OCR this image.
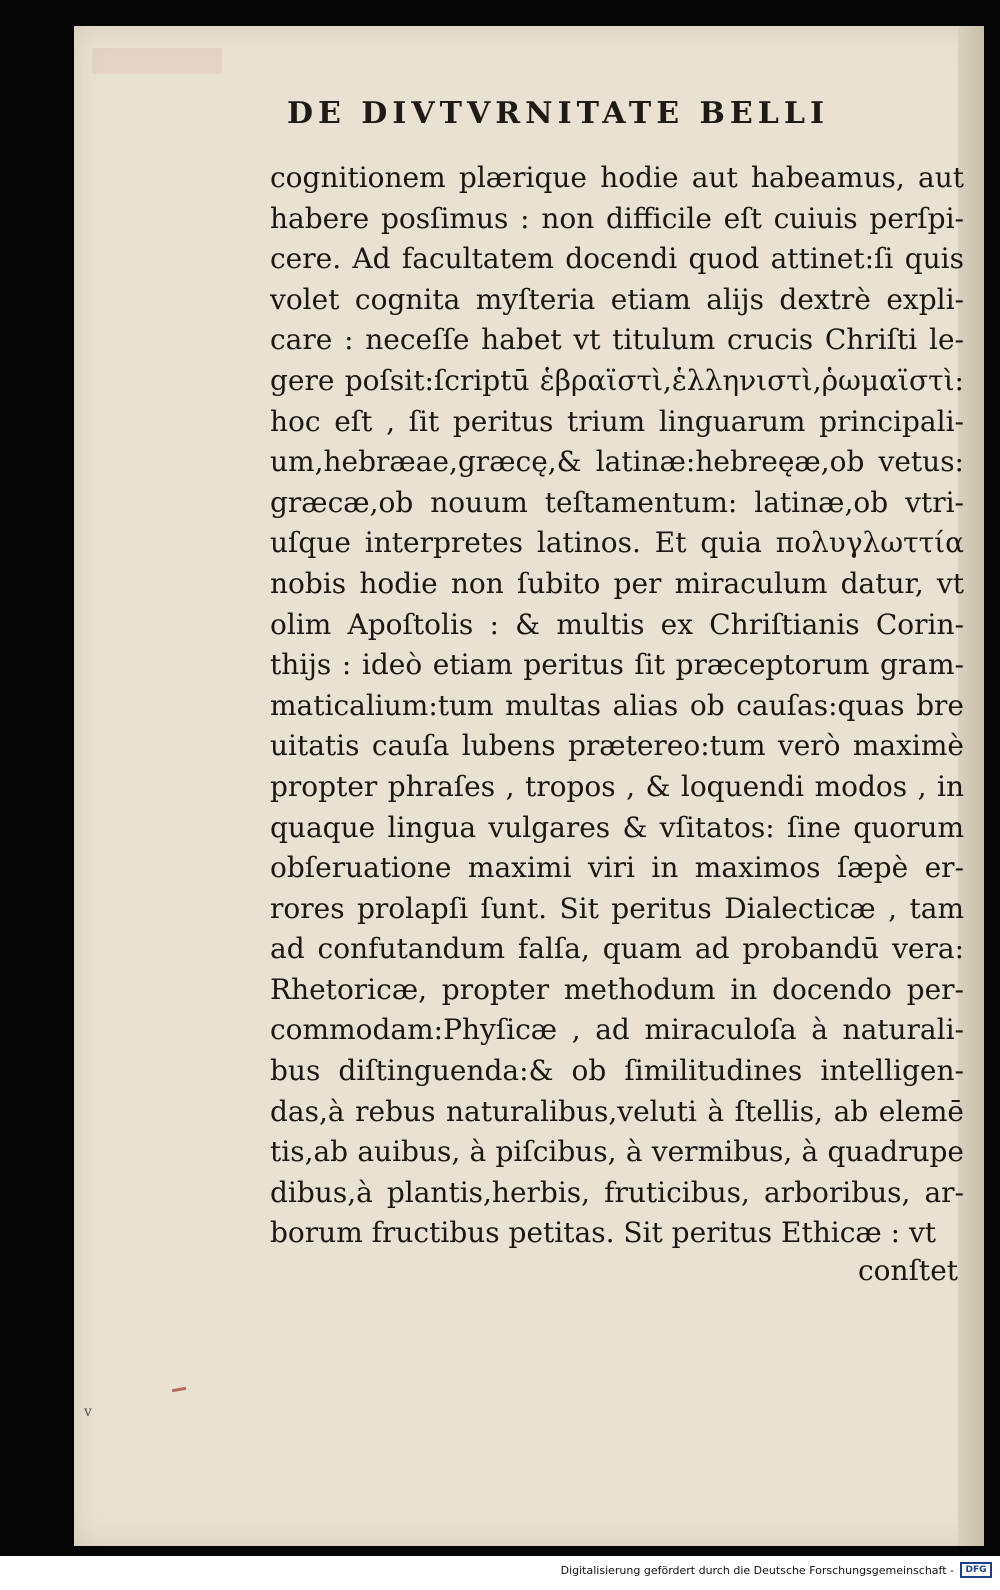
DE DIVTVRNITATE BELLI
cognitionem plærique hodie aut habeamus, aut
habere posſimus : non difficile eſt cuiuis perſpi-
cere. Ad facultatem docendi quod attinet:ſi quis
volet cognita myſteria etiam alijs dextrè expli-
care : neceſſe habet vt titulum crucis Chriſti le-
gere poſsit:ſcriptū ἑβραϊστὶ,ἑλληνιστὶ,ῥωμαϊστὶ:
hoc eſt , ſit peritus trium linguarum principali-
um,hebræae,græcę,& latinæ:hebreęæ,ob vetus:
græcæ,ob nouum teſtamentum: latinæ,ob vtri-
uſque interpretes latinos. Et quia πολυγλωττία
nobis hodie non ſubito per miraculum datur, vt
olim Apoſtolis : & multis ex Chriſtianis Corin-
thijs : ideò etiam peritus ſit præceptorum gram-
maticalium:tum multas alias ob cauſas:quas bre
uitatis cauſa lubens prætereo:tum verò maximè
propter phraſes , tropos , & loquendi modos , in
quaque lingua vulgares & vſitatos: ſine quorum
obſeruatione maximi viri in maximos ſæpè er-
rores prolapſi ſunt. Sit peritus Dialecticæ , tam
ad confutandum falſa, quam ad probandū vera:
Rhetoricæ, propter methodum in docendo per-
commodam:Phyſicæ , ad miraculoſa à naturali-
bus diſtinguenda:& ob ſimilitudines intelligen-
das,à rebus naturalibus,veluti à ſtellis, ab elemē
tis,ab auibus, à piſcibus, à vermibus, à quadrupe
dibus,à plantis,herbis, fruticibus, arboribus, ar-
borum fructibus petitas. Sit peritus Ethicæ : vt
conſtet
v
Digitalisierung gefördert durch die Deutsche Forschungsgemeinschaft -	DFG
